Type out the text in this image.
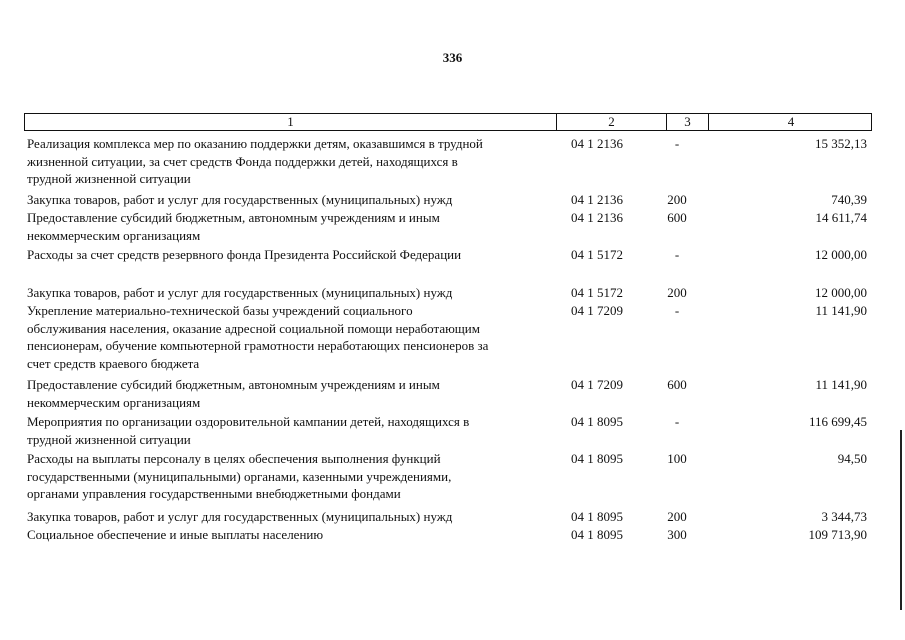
336
1	2	3	4
Реализация комплекса мер по оказанию поддержки детям, оказавшимся в трудной
жизненной ситуации, за счет средств Фонда поддержки детей, находящихся в
трудной жизненной ситуации
04 1 2136	-	15 352,13
Закупка товаров, работ и услуг для государственных (муниципальных) нужд	04 1 2136	200	740,39
Предоставление субсидий бюджетным, автономным учреждениям и иным
некоммерческим организациям
04 1 2136	600	14 611,74
Расходы за счет средств резервного фонда Президента Российской Федерации	04 1 5172	-	12 000,00
Закупка товаров, работ и услуг для государственных (муниципальных) нужд	04 1 5172	200	12 000,00
Укрепление материально-технической базы учреждений социального
обслуживания населения, оказание адресной социальной помощи неработающим
пенсионерам, обучение компьютерной грамотности неработающих пенсионеров за
счет средств краевого бюджета
04 1 7209	-	11 141,90
Предоставление субсидий бюджетным, автономным учреждениям и иным
некоммерческим организациям
04 1 7209	600	11 141,90
Мероприятия по организации оздоровительной кампании детей, находящихся в
трудной жизненной ситуации
04 1 8095	-	116 699,45
Расходы на выплаты персоналу в целях обеспечения выполнения функций
государственными (муниципальными) органами, казенными учреждениями,
органами управления государственными внебюджетными фондами
04 1 8095	100	94,50
Закупка товаров, работ и услуг для государственных (муниципальных) нужд	04 1 8095	200	3 344,73
Социальное обеспечение и иные выплаты населению	04 1 8095	300	109 713,90
